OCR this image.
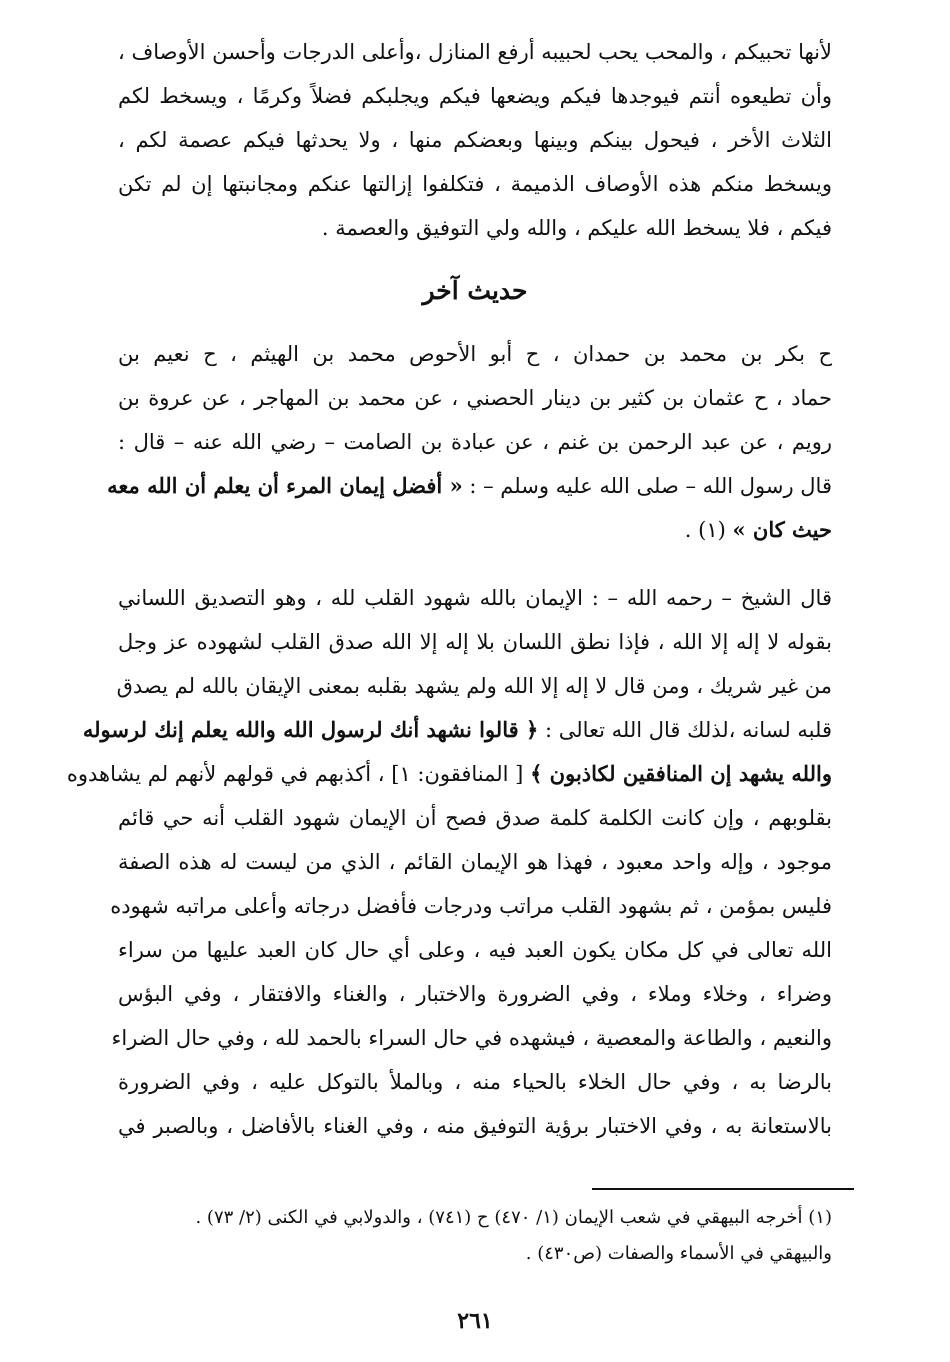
لأنها تحبيكم ، والمحب يحب لحبيبه أرفع المنازل ،وأعلى الدرجات وأحسن الأوصاف ،
وأن تطيعوه أنتم فيوجدها فيكم ويضعها فيكم ويجلبكم فضلاً وكرمًا ، ويسخط لكم
الثلاث الأخر ، فيحول بينكم وبينها وبعضكم منها ، ولا يحدثها فيكم عصمة لكم ،
ويسخط منكم هذه الأوصاف الذميمة ، فتكلفوا إزالتها عنكم ومجانبتها إن لم تكن
فيكم ، فلا يسخط الله عليكم ، والله ولي التوفيق والعصمة .
حديث آخر
ح بكر بن محمد بن حمدان ، ح أبو الأحوص محمد بن الهيثم ، ح نعيم بن
حماد ، ح عثمان بن كثير بن دينار الحصني ، عن محمد بن المهاجر ، عن عروة بن
رويم ، عن عبد الرحمن بن غنم ، عن عبادة بن الصامت – رضي الله عنه – قال :
قال رسول الله – صلى الله عليه وسلم – : « أفضل إيمان المرء أن يعلم أن الله معه
حيث كان » (١) .
قال الشيخ – رحمه الله – : الإيمان بالله شهود القلب لله ، وهو التصديق اللساني
بقوله لا إله إلا الله ، فإذا نطق اللسان بلا إله إلا الله صدق القلب لشهوده عز وجل
من غير شريك ، ومن قال لا إله إلا الله ولم يشهد بقلبه بمعنى الإيقان بالله لم يصدق
قلبه لسانه ،لذلك قال الله تعالى : ﴿ قالوا نشهد أنك لرسول الله والله يعلم إنك لرسوله
والله يشهد إن المنافقين لكاذبون ﴾ [ المنافقون: ١] ، أكذبهم في قولهم لأنهم لم يشاهدوه
بقلوبهم ، وإن كانت الكلمة كلمة صدق فصح أن الإيمان شهود القلب أنه حي قائم
موجود ، وإله واحد معبود ، فهذا هو الإيمان القائم ، الذي من ليست له هذه الصفة
فليس بمؤمن ، ثم بشهود القلب مراتب ودرجات فأفضل درجاته وأعلى مراتبه شهوده
الله تعالى في كل مكان يكون العبد فيه ، وعلى أي حال كان العبد عليها من سراء
وضراء ، وخلاء وملاء ، وفي الضرورة والاختبار ، والغناء والافتقار ، وفي البؤس
والنعيم ، والطاعة والمعصية ، فيشهده في حال السراء بالحمد لله ، وفي حال الضراء
بالرضا به ، وفي حال الخلاء بالحياء منه ، وبالملأ بالتوكل عليه ، وفي الضرورة
بالاستعانة به ، وفي الاختبار برؤية التوفيق منه ، وفي الغناء بالأفاضل ، وبالصبر في
(١) أخرجه البيهقي في شعب الإيمان (١/ ٤٧٠) ح (٧٤١) ، والدولابي في الكنى (٢/ ٧٣) .
والبيهقي في الأسماء والصفات (ص٤٣٠) .
٢٦١
